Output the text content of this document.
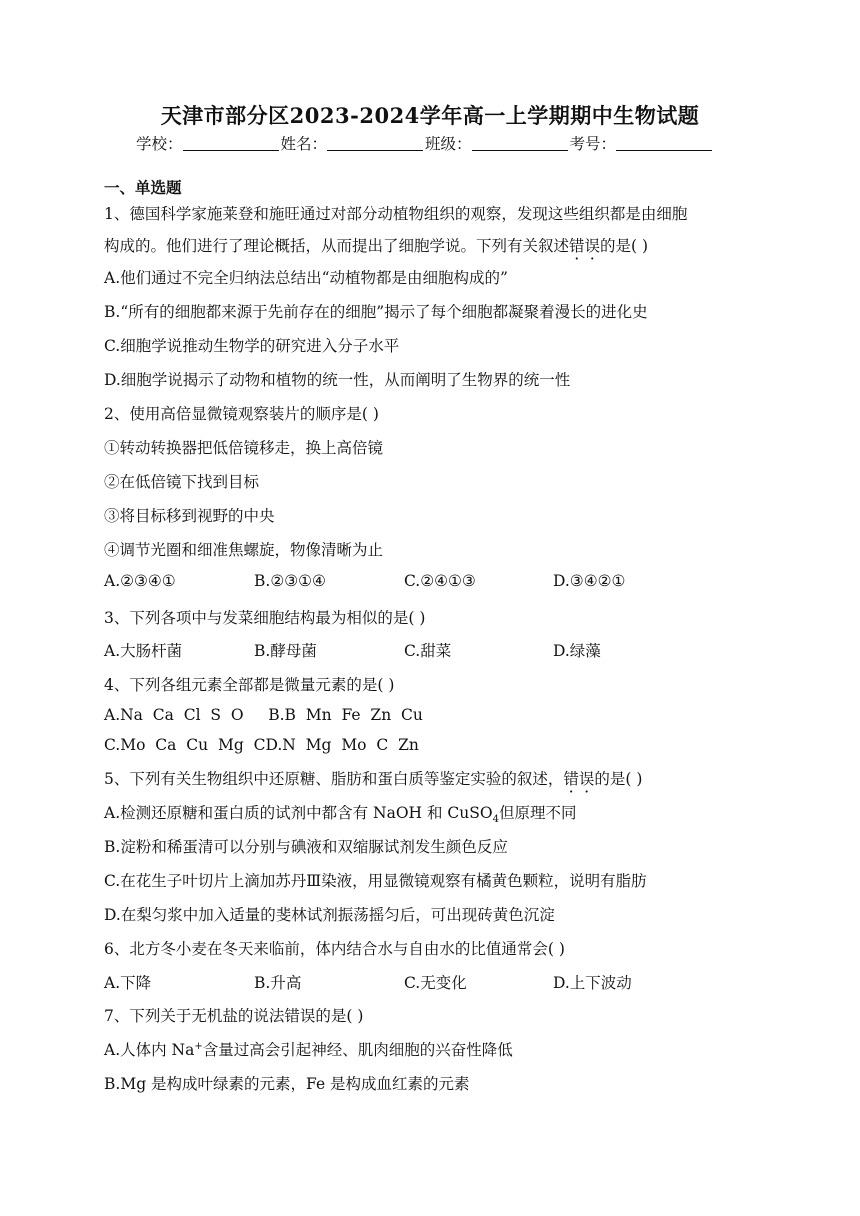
天津市部分区2023-2024学年高一上学期期中生物试题
学校：	姓名：	班级：	考号：
一、单选题
1、德国科学家施莱登和施旺通过对部分动植物组织的观察，发现这些组织都是由细胞
构成的。他们进行了理论概括，从而提出了细胞学说。下列有关叙述错误的是( )
A.他们通过不完全归纳法总结出“动植物都是由细胞构成的”
B.“所有的细胞都来源于先前存在的细胞”揭示了每个细胞都凝聚着漫长的进化史
C.细胞学说推动生物学的研究进入分子水平
D.细胞学说揭示了动物和植物的统一性，从而阐明了生物界的统一性
2、使用高倍显微镜观察装片的顺序是( )
①转动转换器把低倍镜移走，换上高倍镜
②在低倍镜下找到目标
③将目标移到视野的中央
④调节光圈和细准焦螺旋，物像清晰为止
A.②③④①	B.②③①④	C.②④①③	D.③④②①
3、下列各项中与发菜细胞结构最为相似的是( )
A.大肠杆菌	B.酵母菌	C.甜菜	D.绿藻
4、下列各组元素全部都是微量元素的是( )
A.Na  Ca  Cl  S  O     B.B  Mn  Fe  Zn  Cu
C.Mo  Ca  Cu  Mg  CD.N  Mg  Mo  C  Zn
5、下列有关生物组织中还原糖、脂肪和蛋白质等鉴定实验的叙述，错误的是( )
A.检测还原糖和蛋白质的试剂中都含有 NaOH 和 CuSO$_4$但原理不同
B.淀粉和稀蛋清可以分别与碘液和双缩脲试剂发生颜色反应
C.在花生子叶切片上滴加苏丹Ⅲ染液，用显微镜观察有橘黄色颗粒，说明有脂肪
D.在梨匀浆中加入适量的斐林试剂振荡摇匀后，可出现砖黄色沉淀
6、北方冬小麦在冬天来临前，体内结合水与自由水的比值通常会( )
A.下降	B.升高	C.无变化	D.上下波动
7、下列关于无机盐的说法错误的是( )
A.人体内 Na+含量过高会引起神经、肌肉细胞的兴奋性降低
B.Mg 是构成叶绿素的元素，Fe 是构成血红素的元素
